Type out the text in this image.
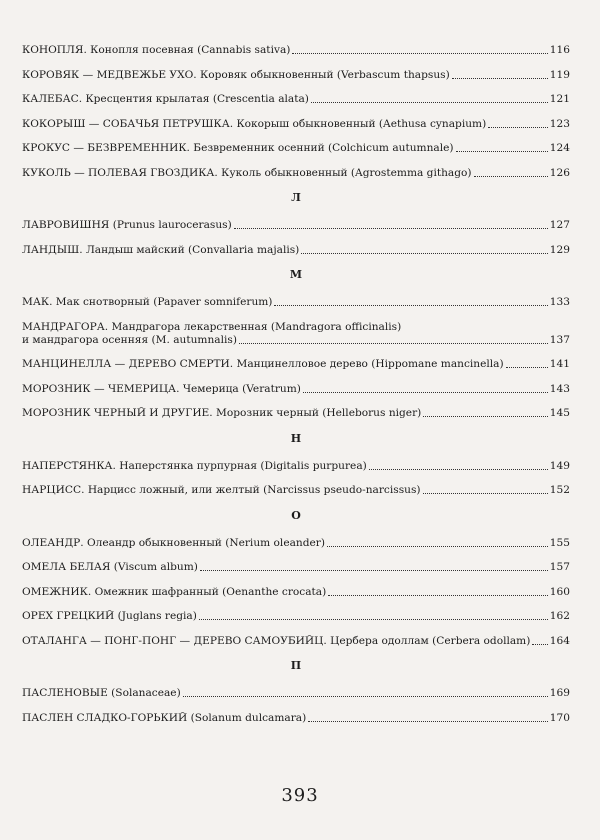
КОНОПЛЯ. Конопля посевная (Cannabis sativa)	116
КОРОВЯК — МЕДВЕЖЬЕ УХО. Коровяк обыкновенный (Verbascum thapsus)	119
КАЛЕБАС. Кресцентия крылатая (Crescentia alata)	121
КОКОРЫШ — СОБАЧЬЯ ПЕТРУШКА. Кокорыш обыкновенный (Aethusa cynapium)	123
КРОКУС — БЕЗВРЕМЕННИК. Безвременник осенний (Colchicum autumnale)	124
КУКОЛЬ — ПОЛЕВАЯ ГВОЗДИКА. Куколь обыкновенный (Agrostemma githago)	126
Л
ЛАВРОВИШНЯ (Prunus laurocerasus)	127
ЛАНДЫШ. Ландыш майский (Convallaria majalis)	129
М
МАК. Мак снотворный (Papaver somniferum)	133
МАНДРАГОРА. Мандрагора лекарственная (Mandragora officinalis)
и мандрагора осенняя (M. autumnalis)	137
МАНЦИНЕЛЛА — ДЕРЕВО СМЕРТИ. Манцинелловое дерево (Hippomane mancinella)	141
МОРОЗНИК — ЧЕМЕРИЦА. Чемерица (Veratrum)	143
МОРОЗНИК ЧЕРНЫЙ И ДРУГИЕ. Морозник черный (Helleborus niger)	145
Н
НАПЕРСТЯНКА. Наперстянка пурпурная (Digitalis purpurea)	149
НАРЦИСС. Нарцисс ложный, или желтый (Narcissus pseudo-narcissus)	152
О
ОЛЕАНДР. Олеандр обыкновенный (Nerium oleander)	155
ОМЕЛА БЕЛАЯ (Viscum album)	157
ОМЕЖНИК. Омежник шафранный (Oenanthe crocata)	160
ОРЕХ ГРЕЦКИЙ (Juglans regia)	162
ОТАЛАНГА — ПОНГ-ПОНГ — ДЕРЕВО САМОУБИЙЦ. Цербера одоллам (Cerbera odollam) 164
П
ПАСЛЕНОВЫЕ (Solanaceae)	169
ПАСЛЕН СЛАДКО-ГОРЬКИЙ (Solanum dulcamara)	170
393
